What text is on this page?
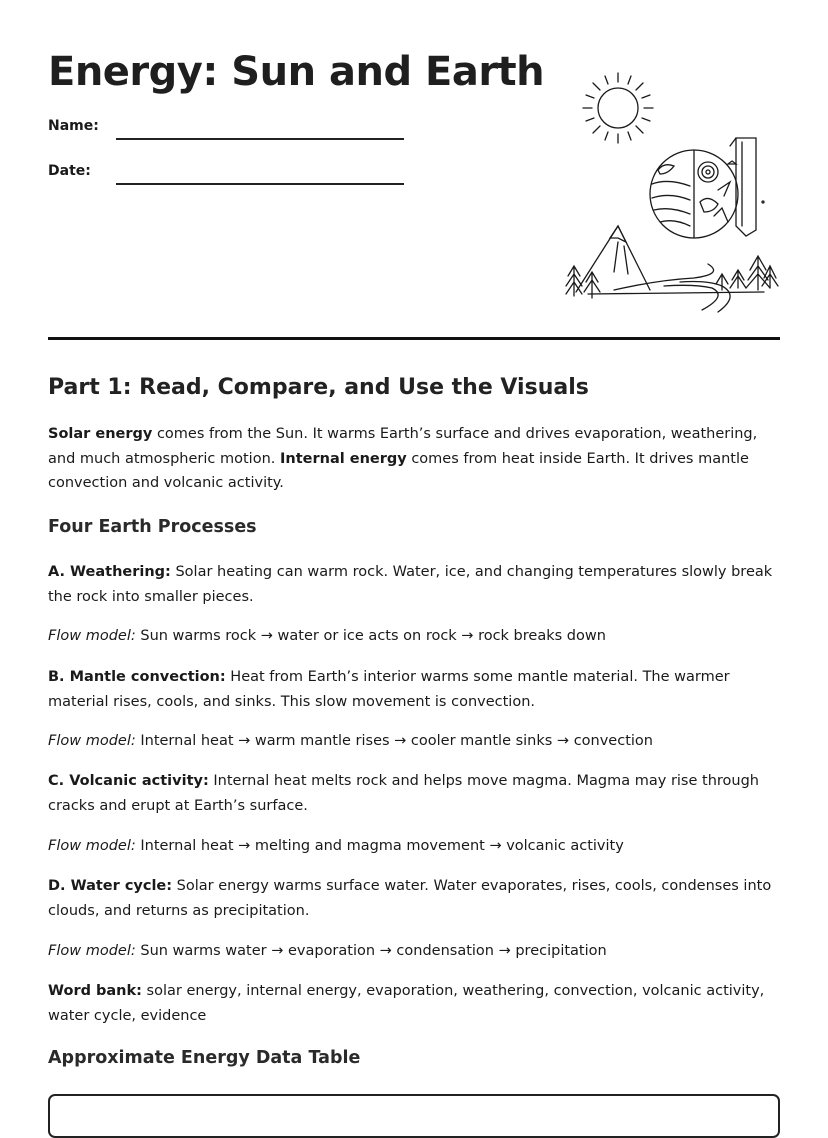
Energy: Sun and Earth
Name:
Date:
Part 1: Read, Compare, and Use the Visuals

Solar energy comes from the Sun. It warms Earth’s surface and drives evaporation, weathering, and much atmospheric motion. Internal energy comes from heat inside Earth. It drives mantle convection and volcanic activity.

Four Earth Processes

A. Weathering: Solar heating can warm rock. Water, ice, and changing temperatures slowly break the rock into smaller pieces.

Flow model: Sun warms rock → water or ice acts on rock → rock breaks down

B. Mantle convection: Heat from Earth’s interior warms some mantle material. The warmer material rises, cools, and sinks. This slow movement is convection.

Flow model: Internal heat → warm mantle rises → cooler mantle sinks → convection

C. Volcanic activity: Internal heat melts rock and helps move magma. Magma may rise through cracks and erupt at Earth’s surface.

Flow model: Internal heat → melting and magma movement → volcanic activity

D. Water cycle: Solar energy warms surface water. Water evaporates, rises, cools, condenses into clouds, and returns as precipitation.

Flow model: Sun warms water → evaporation → condensation → precipitation

Word bank: solar energy, internal energy, evaporation, weathering, convection, volcanic activity, water cycle, evidence

Approximate Energy Data Table
